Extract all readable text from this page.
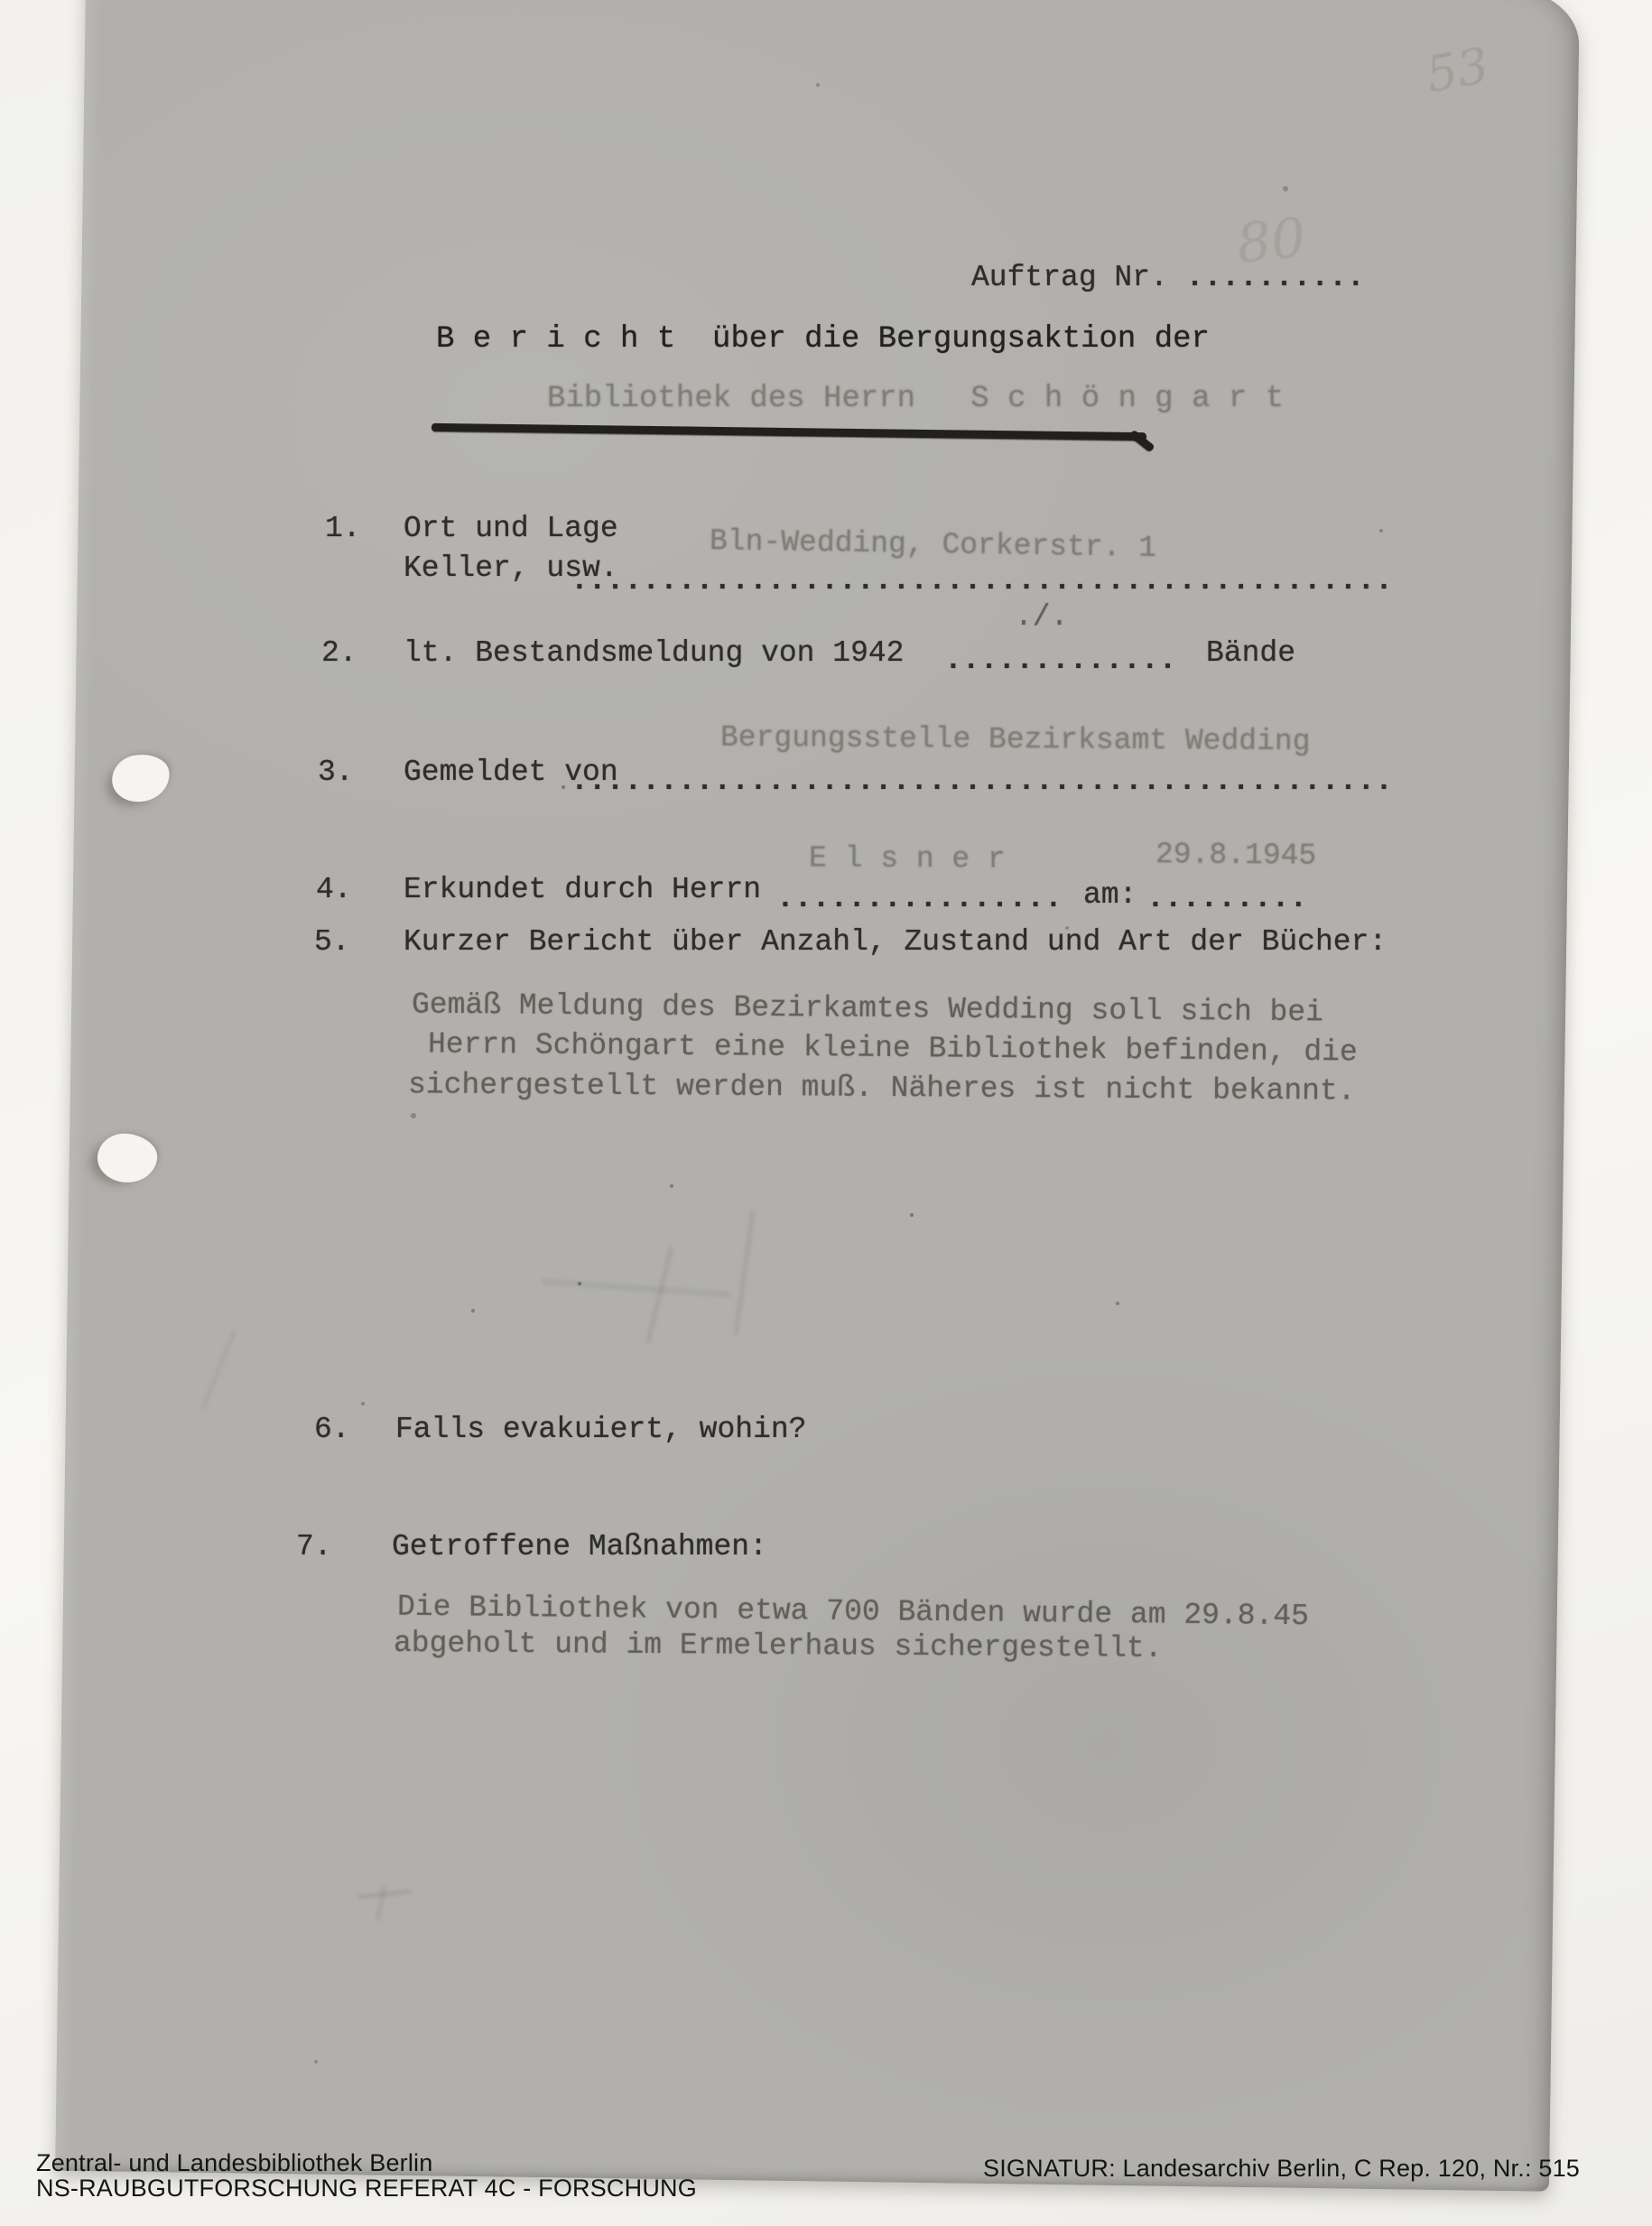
53
Auftrag Nr. ..........
80
B e r i c h t  über die Bergungsaktion der
Bibliothek des Herrn   S c h ö n g a r t
1. Ort und Lage
Keller, usw.
..............................................
Bln-Wedding, Corkerstr. 1
2. lt. Bestandsmeldung von 1942 ............. Bände
./.
3. Gemeldet von
..............................................
Bergungsstelle Bezirksamt Wedding
4. Erkundet durch Herrn ................
E l s n e r
am: .........
29.8.1945
5. Kurzer Bericht über Anzahl, Zustand und Art der Bücher:
Gemäß Meldung des Bezirkamtes Wedding soll sich bei
Herrn Schöngart eine kleine Bibliothek befinden, die
sichergestellt werden muß. Näheres ist nicht bekannt.
6. Falls evakuiert, wohin?
7. Getroffene Maßnahmen:
Die Bibliothek von etwa 700 Bänden wurde am 29.8.45
abgeholt und im Ermelerhaus sichergestellt.
Zentral- und Landesbibliothek Berlin
NS-RAUBGUTFORSCHUNG REFERAT 4C - FORSCHUNG
SIGNATUR: Landesarchiv Berlin, C Rep. 120, Nr.: 515
